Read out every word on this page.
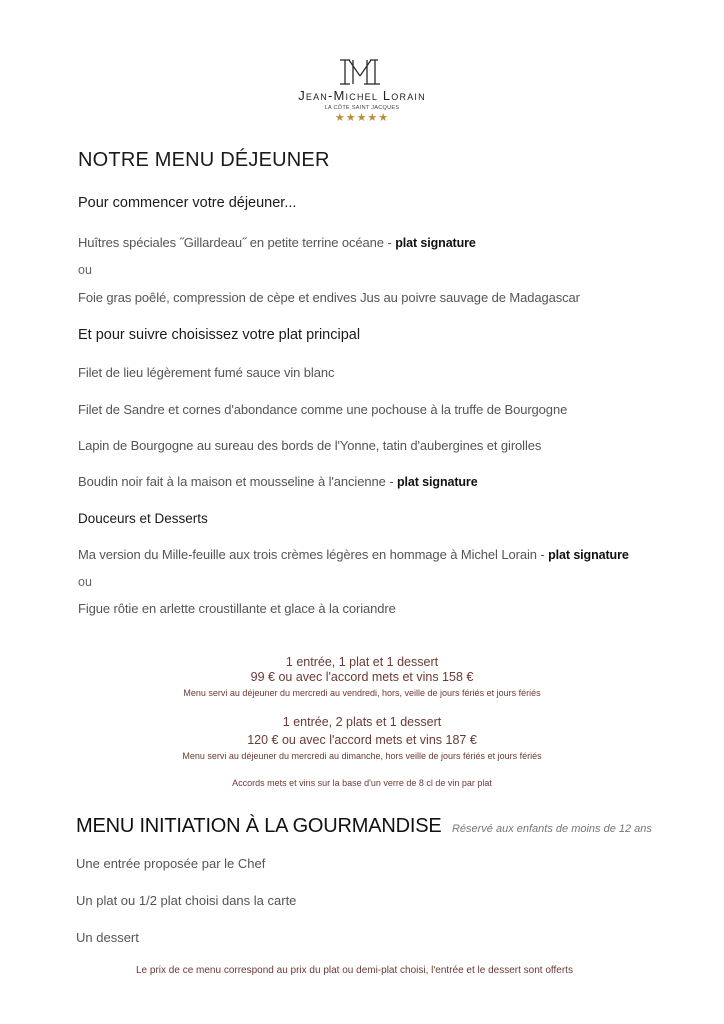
Jean-Michel Lorain
LA CÔTE SAINT JACQUES
★★★★★
NOTRE MENU DÉJEUNER
Pour commencer votre déjeuner...
Huîtres spéciales ˝Gillardeau˝ en petite terrine océane - plat signature
ou
Foie gras poêlé, compression de cèpe et endives Jus au poivre sauvage de Madagascar
Et pour suivre choisissez votre plat principal
Filet de lieu légèrement fumé sauce vin blanc
Filet de Sandre et cornes d'abondance comme une pochouse à la truffe de Bourgogne
Lapin de Bourgogne au sureau des bords de l'Yonne, tatin d'aubergines et girolles
Boudin noir fait à la maison et mousseline à l'ancienne - plat signature
Douceurs et Desserts
Ma version du Mille-feuille aux trois crèmes légères en hommage à Michel Lorain - plat signature
ou
Figue rôtie en arlette croustillante et glace à la coriandre
1 entrée, 1 plat et 1 dessert
99 € ou avec l'accord mets et vins 158 €
Menu servi au déjeuner du mercredi au vendredi, hors, veille de jours fériés et jours fériés
1 entrée, 2 plats et 1 dessert
120 € ou avec l'accord mets et vins 187 €
Menu servi au déjeuner du mercredi au dimanche, hors veille de jours fériés et jours fériés
Accords mets et vins sur la base d'un verre de 8 cl de vin par plat
MENU INITIATION À LA GOURMANDISE Réservé aux enfants de moins de 12 ans
Une entrée proposée par le Chef
Un plat ou 1/2 plat choisi dans la carte
Un dessert
Le prix de ce menu correspond au prix du plat ou demi-plat choisi, l'entrée et le dessert sont offerts
